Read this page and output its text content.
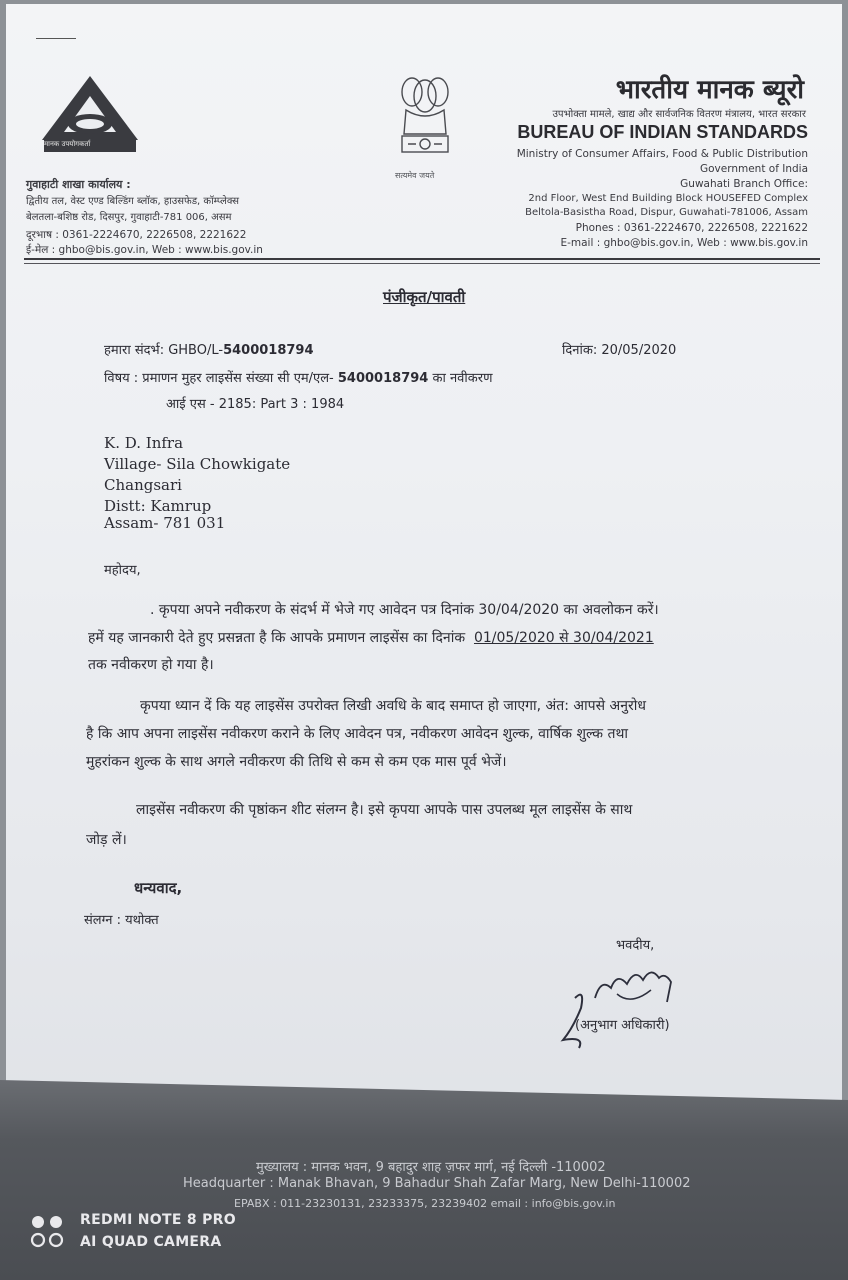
मानक उपयोगकर्ता
सत्यमेव जयते
भारतीय मानक ब्यूरो
उपभोक्ता मामले, खाद्य और सार्वजनिक वितरण मंत्रालय, भारत सरकार
BUREAU OF INDIAN STANDARDS
Ministry of Consumer Affairs, Food & Public Distribution
Government of India
Guwahati Branch Office:
2nd Floor, West End Building Block HOUSEFED Complex
Beltola-Basistha Road, Dispur, Guwahati-781006, Assam
Phones : 0361-2224670, 2226508, 2221622
E-mail : ghbo@bis.gov.in, Web : www.bis.gov.in
गुवाहाटी शाखा कार्यालय :
द्वितीय तल, वेस्ट एण्ड बिल्डिंग ब्लॉक, हाउसफेड, कॉम्प्लेक्स
बेलतला-बशिष्ठ रोड, दिसपुर, गुवाहाटी-781 006, असम
दूरभाष : 0361-2224670, 2226508, 2221622
ई-मेल : ghbo@bis.gov.in, Web : www.bis.gov.in
पंजीकृत/पावती
हमारा संदर्भ: GHBO/L-5400018794	दिनांक: 20/05/2020
विषय : प्रमाणन मुहर लाइसेंस संख्या सी एम/एल- 5400018794 का नवीकरण
आई एस - 2185: Part 3 : 1984
K. D. Infra
Village- Sila Chowkigate
Changsari
Distt: Kamrup
Assam- 781 031
महोदय,
. कृपया अपने नवीकरण के संदर्भ में भेजे गए आवेदन पत्र दिनांक 30/04/2020 का अवलोकन करें।
हमें यह जानकारी देते हुए प्रसन्नता है कि आपके प्रमाणन लाइसेंस का दिनांक 01/05/2020 से 30/04/2021
तक नवीकरण हो गया है।
कृपया ध्यान दें कि यह लाइसेंस उपरोक्त लिखी अवधि के बाद समाप्त हो जाएगा, अंत: आपसे अनुरोध
है कि आप अपना लाइसेंस नवीकरण कराने के लिए आवेदन पत्र, नवीकरण आवेदन शुल्क, वार्षिक शुल्क तथा
मुहरांकन शुल्क के साथ अगले नवीकरण की तिथि से कम से कम एक मास पूर्व भेजें।
लाइसेंस नवीकरण की पृष्ठांकन शीट संलग्न है। इसे कृपया आपके पास उपलब्ध मूल लाइसेंस के साथ
जोड़ लें।
धन्यवाद,
संलग्न : यथोक्त
भवदीय,
(अनुभाग अधिकारी)
मुख्यालय : मानक भवन, 9 बहादुर शाह ज़फर मार्ग, नई दिल्ली -110002
Headquarter : Manak Bhavan, 9 Bahadur Shah Zafar Marg, New Delhi-110002
EPABX : 011-23230131, 23233375, 23239402 email : info@bis.gov.in
REDMI NOTE 8 PRO
AI QUAD CAMERA
